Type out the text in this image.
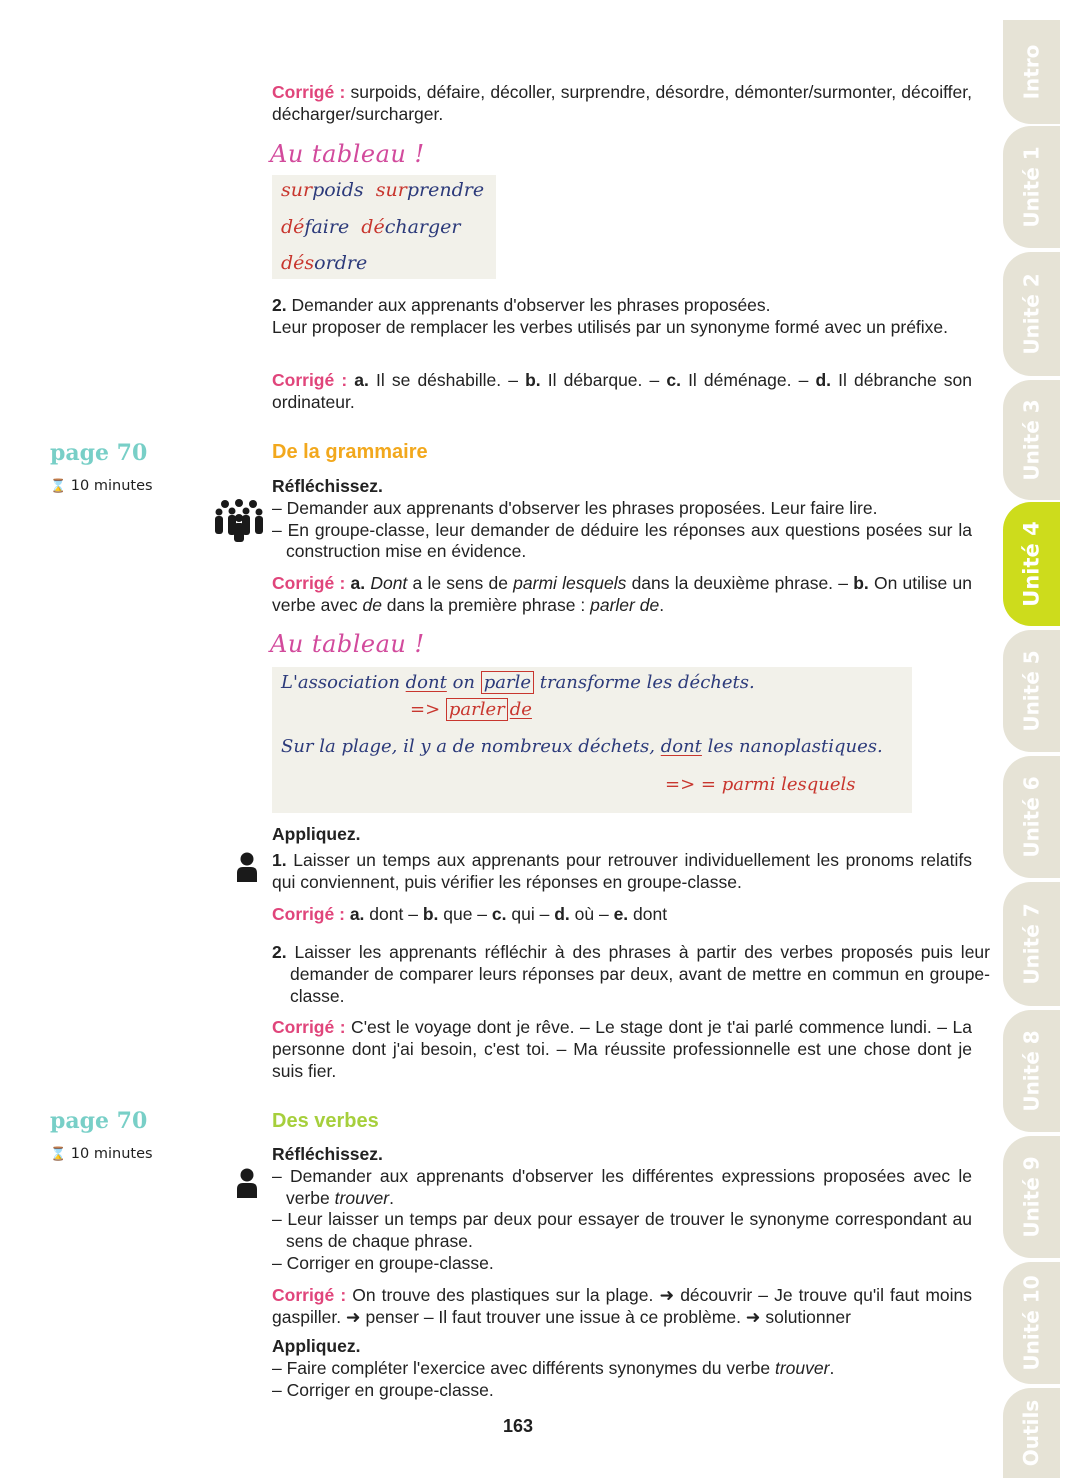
Corrigé : surpoids, défaire, décoller, surprendre, désordre, démonter/surmonter, décoiffer, décharger/surcharger.
Au tableau !
surpoids surprendre
défaire décharger
désordre
2. Demander aux apprenants d'observer les phrases proposées.
Leur proposer de remplacer les verbes utilisés par un synonyme formé avec un préfixe.
Corrigé : a. Il se déshabille. – b. Il débarque. – c. Il déménage. – d. Il débranche son ordinateur.
page 70
⌛ 10 minutes
De la grammaire
Réfléchissez.
– Demander aux apprenants d'observer les phrases proposées. Leur faire lire.
– En groupe-classe, leur demander de déduire les réponses aux questions posées sur la construction mise en évidence.
Corrigé : a. Dont a le sens de parmi lesquels dans la deuxième phrase. – b. On utilise un verbe avec de dans la première phrase : parler de.
Au tableau !
L'association dont on parle transforme les déchets.
=> parler de
Sur la plage, il y a de nombreux déchets, dont les nanoplastiques.
=> = parmi lesquels
Appliquez.
1. Laisser un temps aux apprenants pour retrouver individuellement les pronoms relatifs qui conviennent, puis vérifier les réponses en groupe-classe.
Corrigé : a. dont – b. que – c. qui – d. où – e. dont
2. Laisser les apprenants réfléchir à des phrases à partir des verbes proposés puis leur demander de comparer leurs réponses par deux, avant de mettre en commun en groupe-classe.
Corrigé : C'est le voyage dont je rêve. – Le stage dont je t'ai parlé commence lundi. – La personne dont j'ai besoin, c'est toi. – Ma réussite professionnelle est une chose dont je suis fier.
page 70
⌛ 10 minutes
Des verbes
Réfléchissez.
– Demander aux apprenants d'observer les différentes expressions proposées avec le verbe trouver.
– Leur laisser un temps par deux pour essayer de trouver le synonyme correspondant au sens de chaque phrase.
– Corriger en groupe-classe.
Corrigé : On trouve des plastiques sur la plage. ➜ découvrir – Je trouve qu'il faut moins gaspiller. ➜ penser – Il faut trouver une issue à ce problème. ➜ solutionner
Appliquez.
– Faire compléter l'exercice avec différents synonymes du verbe trouver.
– Corriger en groupe-classe.
163
Intro
Unité 1
Unité 2
Unité 3
Unité 4
Unité 5
Unité 6
Unité 7
Unité 8
Unité 9
Unité 10
Outils
